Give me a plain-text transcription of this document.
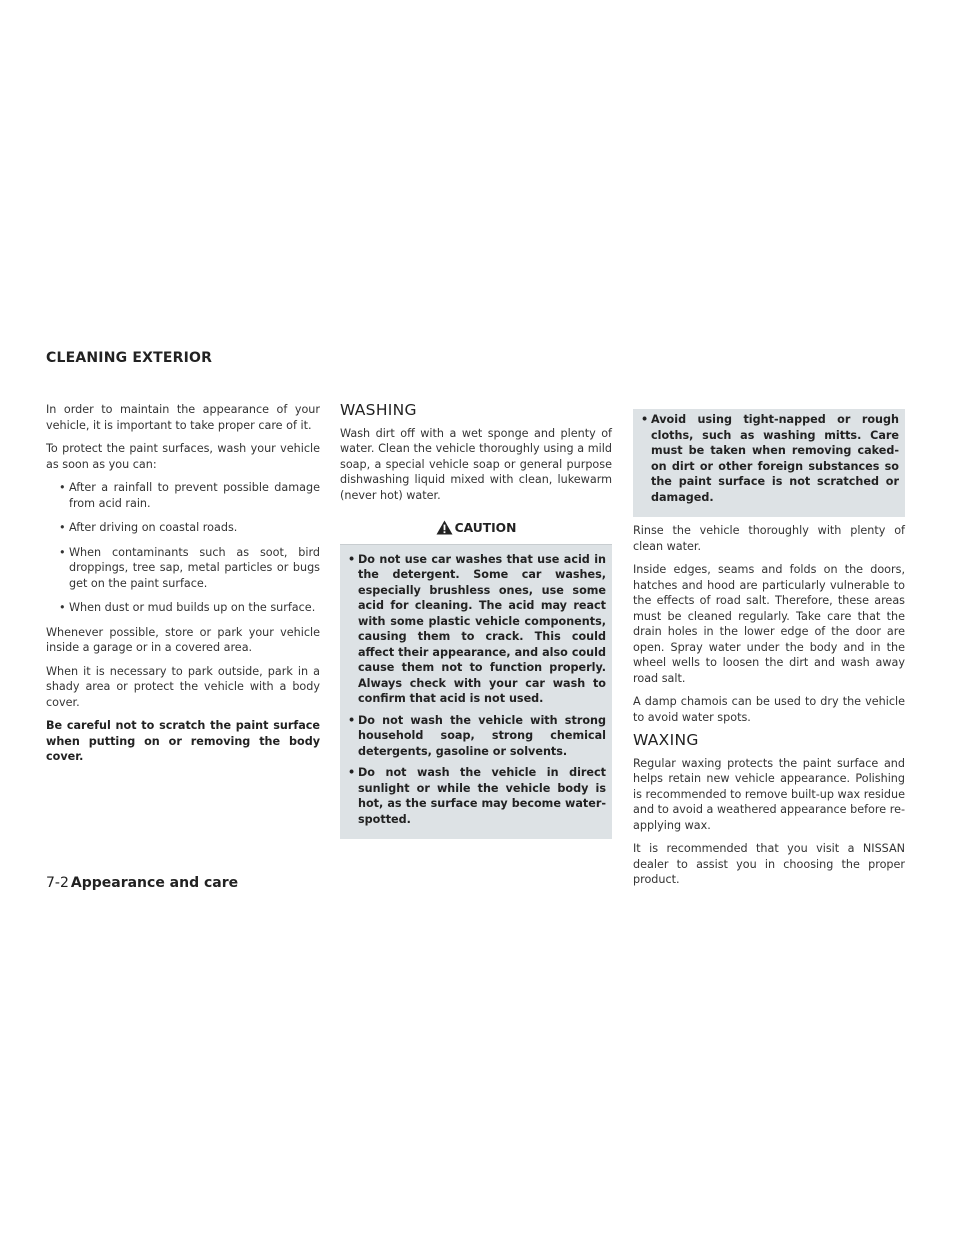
CLEANING EXTERIOR

In order to maintain the appearance of your vehicle, it is important to take proper care of it.

To protect the paint surfaces, wash your vehicle as soon as you can:

• After a rainfall to prevent possible damage from acid rain.
• After driving on coastal roads.
• When contaminants such as soot, bird droppings, tree sap, metal particles or bugs get on the paint surface.
• When dust or mud builds up on the surface.

Whenever possible, store or park your vehicle inside a garage or in a covered area.

When it is necessary to park outside, park in a shady area or protect the vehicle with a body cover.

Be careful not to scratch the paint surface when putting on or removing the body cover.

WASHING

Wash dirt off with a wet sponge and plenty of water. Clean the vehicle thoroughly using a mild soap, a special vehicle soap or general purpose dishwashing liquid mixed with clean, lukewarm (never hot) water.

CAUTION
• Do not use car washes that use acid in the detergent. Some car washes, especially brushless ones, use some acid for cleaning. The acid may react with some plastic vehicle components, causing them to crack. This could affect their appearance, and also could cause them not to function properly. Always check with your car wash to confirm that acid is not used.
• Do not wash the vehicle with strong household soap, strong chemical detergents, gasoline or solvents.
• Do not wash the vehicle in direct sunlight or while the vehicle body is hot, as the surface may become water-spotted.
• Avoid using tight-napped or rough cloths, such as washing mitts. Care must be taken when removing caked-on dirt or other foreign substances so the paint surface is not scratched or damaged.

Rinse the vehicle thoroughly with plenty of clean water.

Inside edges, seams and folds on the doors, hatches and hood are particularly vulnerable to the effects of road salt. Therefore, these areas must be cleaned regularly. Take care that the drain holes in the lower edge of the door are open. Spray water under the body and in the wheel wells to loosen the dirt and wash away road salt.

A damp chamois can be used to dry the vehicle to avoid water spots.

WAXING

Regular waxing protects the paint surface and helps retain new vehicle appearance. Polishing is recommended to remove built-up wax residue and to avoid a weathered appearance before re-applying wax.

It is recommended that you visit a NISSAN dealer to assist you in choosing the proper product.

7-2 Appearance and care
